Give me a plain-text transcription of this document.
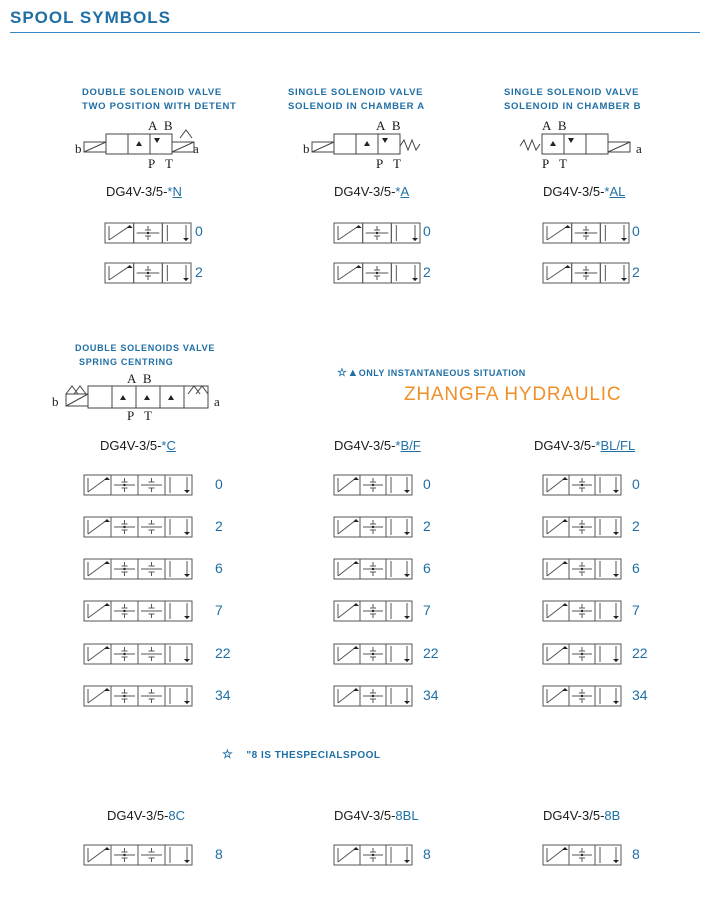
SPOOL SYMBOLS
DOUBLE SOLENOID VALVE
TWO POSITION WITH DETENT
SINGLE SOLENOID VALVE
SOLENOID IN CHAMBER A
SINGLE SOLENOID VALVE
SOLENOID IN CHAMBER B
b	a
A B
P T
b
A B
P T
a
A B
P T
DG4V-3/5-*N	DG4V-3/5-*A	DG4V-3/5-*AL
0
2
0
2
0
2
DOUBLE SOLENOIDS VALVE
SPRING CENTRING
b	a
A B
P T
☆▲ONLY INSTANTANEOUS SITUATION
ZHANGFA HYDRAULIC
DG4V-3/5-*C	DG4V-3/5-*B/F	DG4V-3/5-*BL/FL
0
2
6
7
22
34
0
2
6
7
22
34
0
2
6
7
22
34
☆ "8 IS THESPECIALSPOOL
DG4V-3/5-8C	DG4V-3/5-8BL	DG4V-3/5-8B
8	8	8
